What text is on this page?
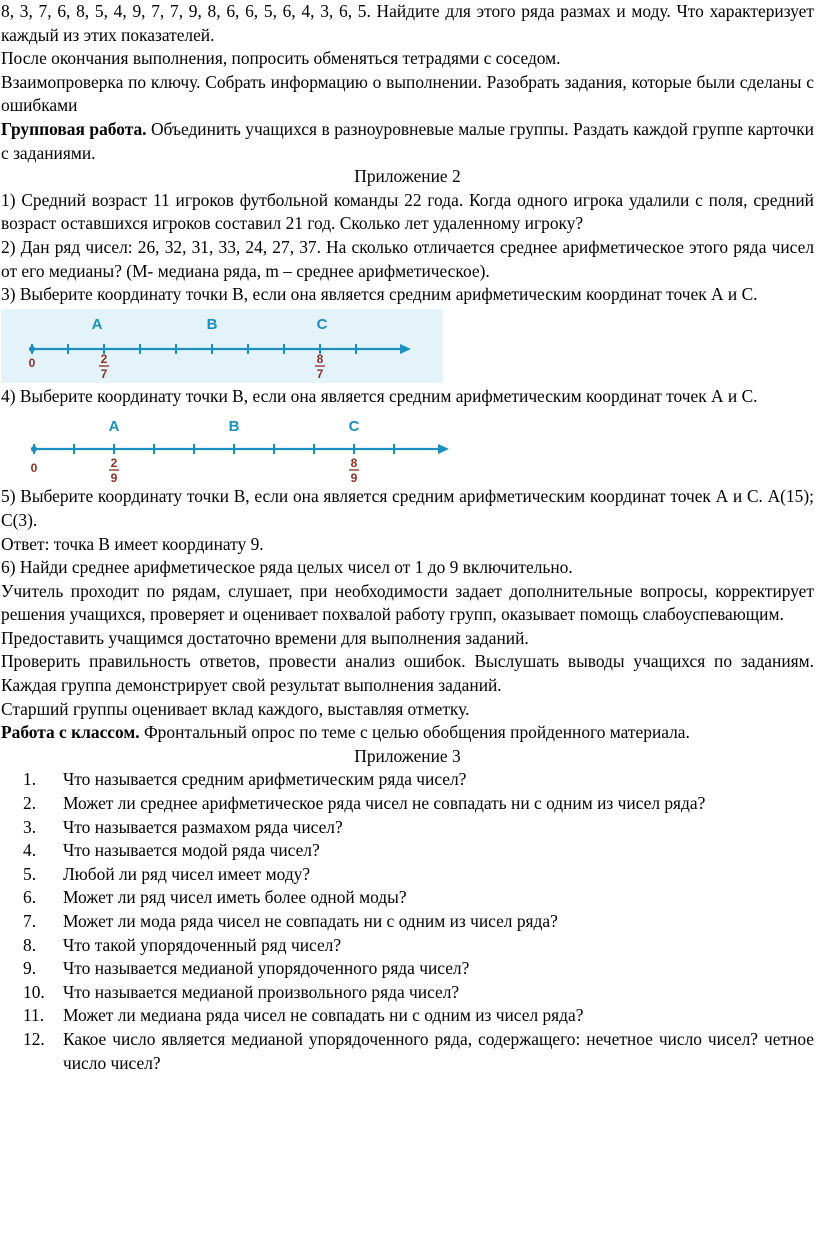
8, 3, 7, 6, 8, 5, 4, 9, 7, 7, 9, 8, 6, 6, 5, 6, 4, 3, 6, 5. Найдите для этого ряда размах и моду. Что характеризует каждый из этих показателей.

После окончания выполнения, попросить обменяться тетрадями с соседом.

Взаимопроверка по ключу. Собрать информацию о выполнении. Разобрать задания, которые были сделаны с ошибками

Групповая работа. Объединить учащихся в разноуровневые малые группы. Раздать каждой группе карточки с заданиями.

Приложение 2

1) Средний возраст 11 игроков футбольной команды 22 года. Когда одного игрока удалили с поля, средний возраст оставшихся игроков составил 21 год. Сколько лет удаленному игроку?

2) Дан ряд чисел: 26, 32, 31, 33, 24, 27, 37. На сколько отличается среднее арифметическое этого ряда чисел от его медианы? (М- медиана ряда, m – среднее арифметическое).

3) Выберите координату точки В, если она является средним арифметическим координат точек А и С.

A	B	C
0	2
7
8
7

4) Выберите координату точки В, если она является средним арифметическим координат точек А и С.

A	B	C
0	2
9
8
9

5) Выберите координату точки В, если она является средним арифметическим координат точек А и С. А(15); С(3).

Ответ: точка В имеет координату 9.

6) Найди среднее арифметическое ряда целых чисел от 1 до 9 включительно.

Учитель проходит по рядам, слушает, при необходимости задает дополнительные вопросы, корректирует решения учащихся, проверяет и оценивает похвалой работу групп, оказывает помощь слабоуспевающим.

Предоставить учащимся достаточно времени для выполнения заданий.

Проверить правильность ответов, провести анализ ошибок. Выслушать выводы учащихся по заданиям. Каждая группа демонстрирует свой результат выполнения заданий.

Старший группы оценивает вклад каждого, выставляя отметку.

Работа с классом. Фронтальный опрос по теме с целью обобщения пройденного материала.

Приложение 3

1.	Что называется средним арифметическим ряда чисел?
2.	Может ли среднее арифметическое ряда чисел не совпадать ни с одним из чисел ряда?
3.	Что называется размахом ряда чисел?
4.	Что называется модой ряда чисел?
5.	Любой ли ряд чисел имеет моду?
6.	Может ли ряд чисел иметь более одной моды?
7.	Может ли мода ряда чисел не совпадать ни с одним из чисел ряда?
8.	Что такой упорядоченный ряд чисел?
9.	Что называется медианой упорядоченного ряда чисел?
10.	Что называется медианой произвольного ряда чисел?
11.	Может ли медиана ряда чисел не совпадать ни с одним из чисел ряда?
12.	Какое число является медианой упорядоченного ряда, содержащего: нечетное число чисел? четное число чисел?
